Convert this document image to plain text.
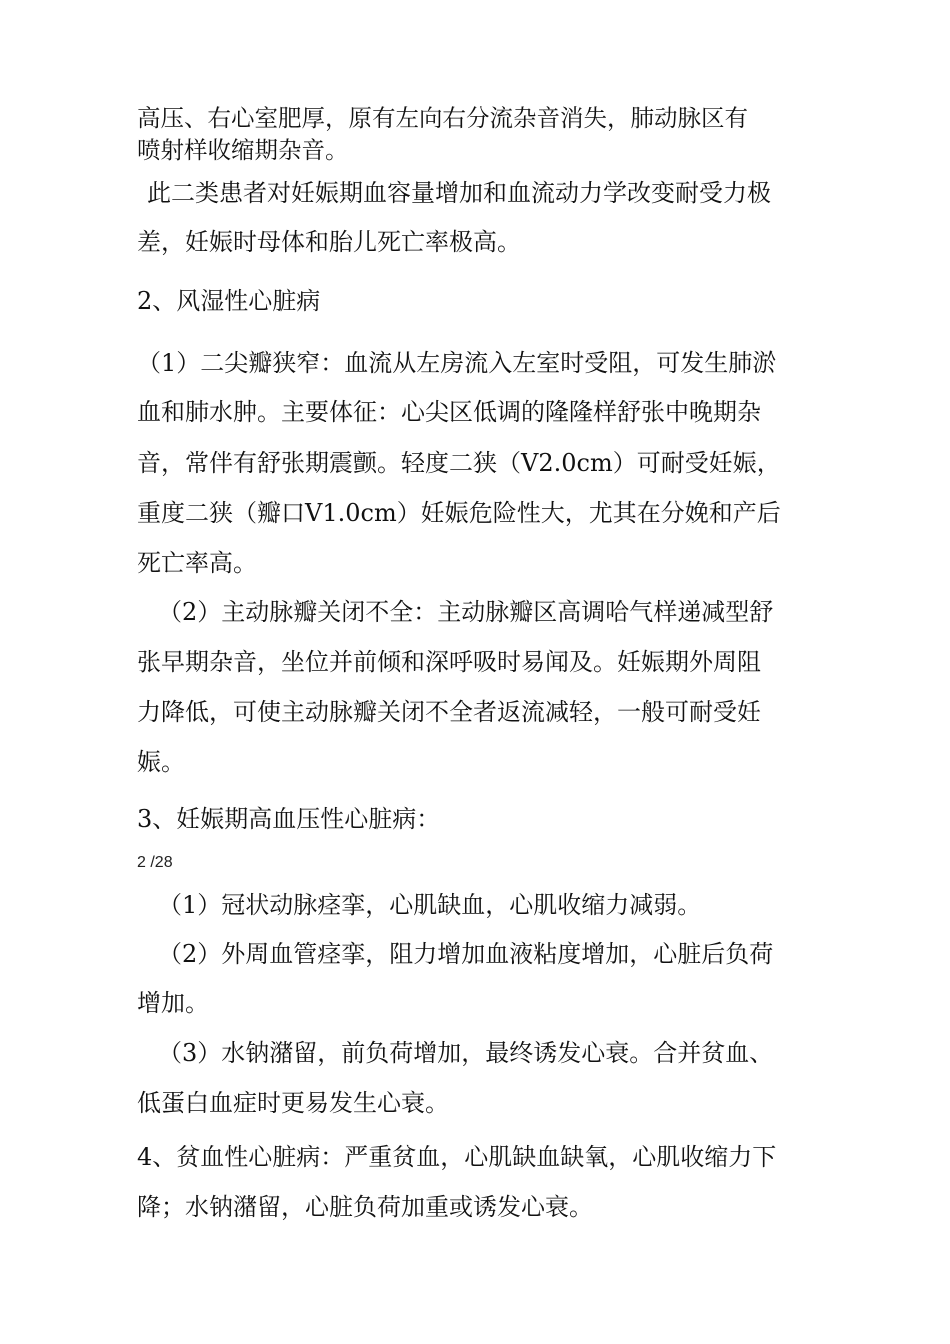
高压、右心室肥厚，原有左向右分流杂音消失，肺动脉区有
喷射样收缩期杂音。
此二类患者对妊娠期血容量增加和血流动力学改变耐受力极
差，妊娠时母体和胎儿死亡率极高。
2、风湿性心脏病
（1）二尖瓣狭窄：血流从左房流入左室时受阻，可发生肺淤
血和肺水肿。主要体征：心尖区低调的隆隆样舒张中晚期杂
音，常伴有舒张期震颤。轻度二狭（V2.0cm）可耐受妊娠，
重度二狭（瓣口V1.0cm）妊娠危险性大，尤其在分娩和产后
死亡率高。
（2）主动脉瓣关闭不全：主动脉瓣区高调哈气样递减型舒
张早期杂音，坐位并前倾和深呼吸时易闻及。妊娠期外周阻
力降低，可使主动脉瓣关闭不全者返流减轻，一般可耐受妊
娠。
3、妊娠期高血压性心脏病：
2 /28
（1）冠状动脉痉挛，心肌缺血，心肌收缩力减弱。
（2）外周血管痉挛，阻力增加血液粘度增加，心脏后负荷
增加。
（3）水钠潴留，前负荷增加，最终诱发心衰。合并贫血、
低蛋白血症时更易发生心衰。
4、贫血性心脏病：严重贫血，心肌缺血缺氧，心肌收缩力下
降；水钠潴留，心脏负荷加重或诱发心衰。
